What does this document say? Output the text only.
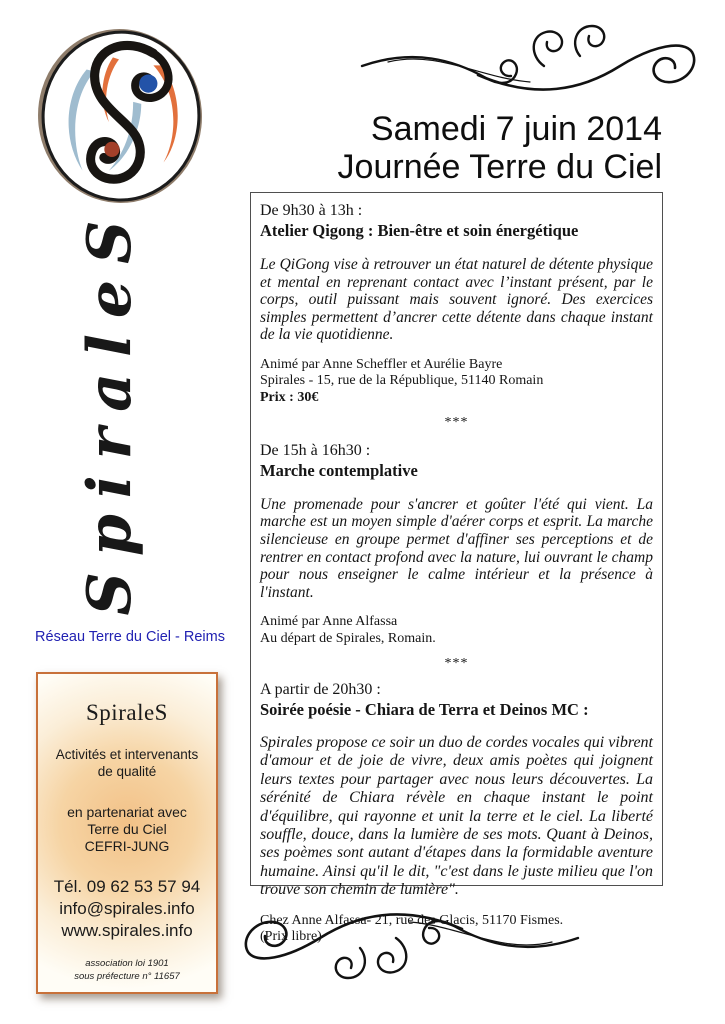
SpiraleS
Réseau Terre du Ciel - Reims
SpiraleS
Activités et intervenants
de qualité
en partenariat avec
Terre du Ciel
CEFRI-JUNG
Tél. 09 62 53 57 94
info@spirales.info
www.spirales.info
association loi 1901
sous préfecture n° 11657
Samedi 7 juin 2014
Journée Terre du Ciel
De 9h30 à 13h :
Atelier Qigong : Bien-être et soin énergétique
Le QiGong vise à retrouver un état naturel de détente physique et mental en reprenant contact avec l’instant présent, par le corps, outil puissant mais souvent ignoré. Des exercices simples permettent d’ancrer cette détente dans chaque instant de la vie quotidienne.
Animé par Anne Scheffler et Aurélie Bayre
Spirales - 15, rue de la République, 51140 Romain
Prix : 30€
***
De 15h à 16h30 :
Marche contemplative
Une promenade pour s'ancrer et goûter l'été qui vient. La marche est un moyen simple d'aérer corps et esprit. La marche silencieuse en groupe permet d'affiner ses perceptions et de rentrer en contact profond avec la nature, lui ouvrant le champ pour nous enseigner le calme intérieur et la présence à l'instant.
Animé par Anne Alfassa
Au départ de Spirales, Romain.
***
A partir de 20h30 :
Soirée poésie - Chiara de Terra et Deinos MC :
Spirales propose ce soir un duo de cordes vocales qui vibrent d'amour et de joie de vivre, deux amis poètes qui joignent leurs textes pour partager avec nous leurs découvertes. La sérénité de Chiara révèle en chaque instant le point d'équilibre, qui rayonne et unit la terre et le ciel. La liberté souffle, douce, dans la lumière de ses mots. Quant à Deinos, ses poèmes sont autant d'étapes dans la formidable aventure humaine. Ainsi qu'il le dit, "c'est dans le juste milieu que l'on trouve son chemin de lumière".
Chez Anne Alfassa- 21, rue des Glacis, 51170 Fismes.
(Prix libre)
